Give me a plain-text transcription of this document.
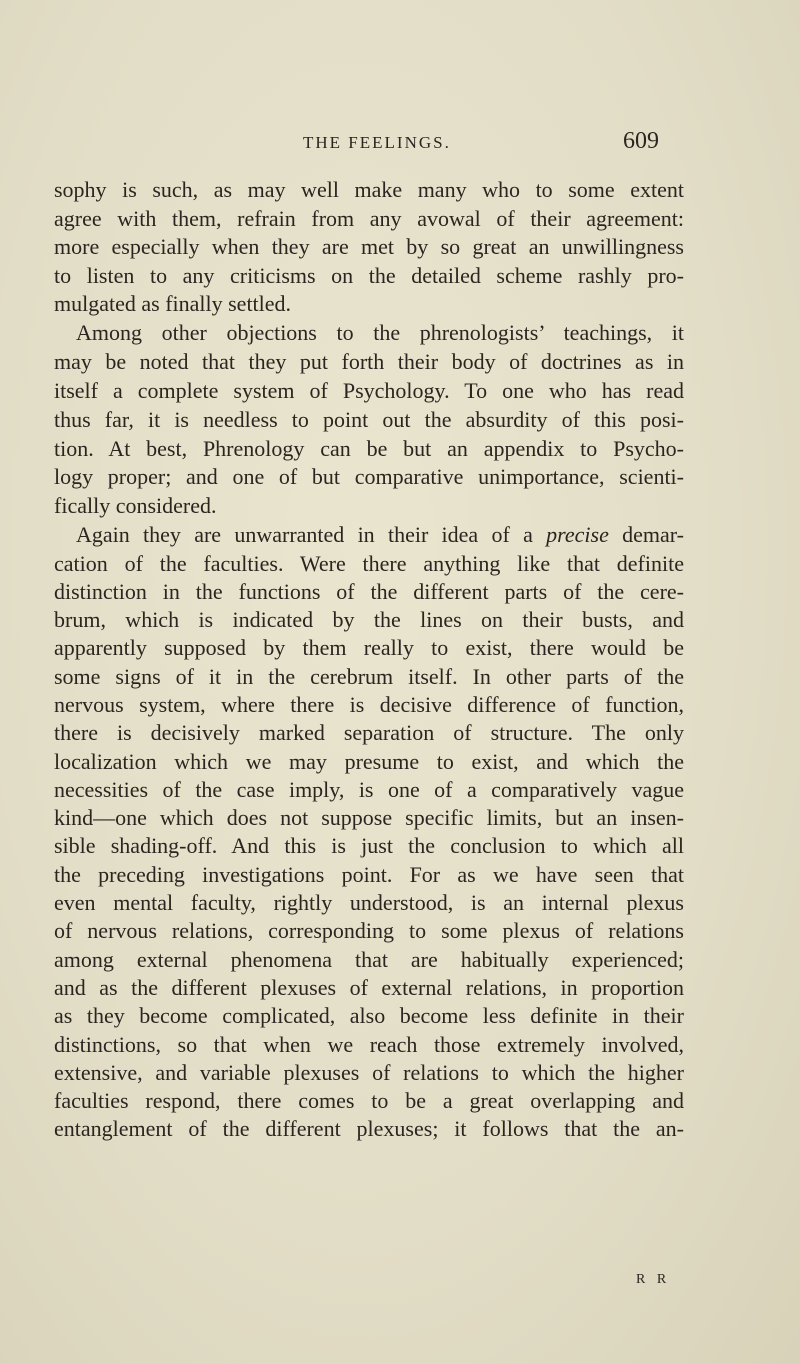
THE FEELINGS.	609
sophy is such, as may well make many who to some extent
agree with them, refrain from any avowal of their agreement:
more especially when they are met by so great an unwillingness
to listen to any criticisms on the detailed scheme rashly pro-
mulgated as finally settled.
Among other objections to the phrenologists’ teachings, it
may be noted that they put forth their body of doctrines as in
itself a complete system of Psychology. To one who has read
thus far, it is needless to point out the absurdity of this posi-
tion. At best, Phrenology can be but an appendix to Psycho-
logy proper; and one of but comparative unimportance, scienti-
fically considered.
Again they are unwarranted in their idea of a precise demar-
cation of the faculties. Were there anything like that definite
distinction in the functions of the different parts of the cere-
brum, which is indicated by the lines on their busts, and
apparently supposed by them really to exist, there would be
some signs of it in the cerebrum itself. In other parts of the
nervous system, where there is decisive difference of function,
there is decisively marked separation of structure. The only
localization which we may presume to exist, and which the
necessities of the case imply, is one of a comparatively vague
kind—one which does not suppose specific limits, but an insen-
sible shading-off. And this is just the conclusion to which all
the preceding investigations point. For as we have seen that
even mental faculty, rightly understood, is an internal plexus
of nervous relations, corresponding to some plexus of relations
among external phenomena that are habitually experienced;
and as the different plexuses of external relations, in proportion
as they become complicated, also become less definite in their
distinctions, so that when we reach those extremely involved,
extensive, and variable plexuses of relations to which the higher
faculties respond, there comes to be a great overlapping and
entanglement of the different plexuses; it follows that the an-
R R
